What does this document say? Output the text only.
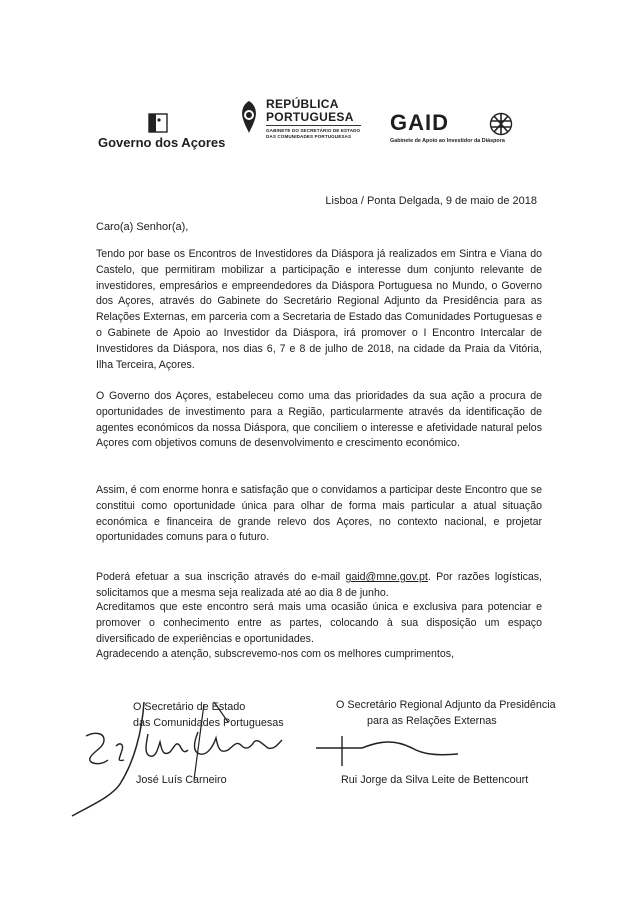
Governo dos Açores
REPÚBLICA
PORTUGUESA
GABINETE DO SECRETÁRIO DE ESTADO
DAS COMUNIDADES PORTUGUESAS
GAID
Gabinete de Apoio ao Investidor da Diáspora
Lisboa / Ponta Delgada, 9 de maio de 2018
Caro(a) Senhor(a),

Tendo por base os Encontros de Investidores da Diáspora já realizados em Sintra e Viana do Castelo, que permitiram mobilizar a participação e interesse dum conjunto relevante de investidores, empresários e empreendedores da Diáspora Portuguesa no Mundo, o Governo dos Açores, através do Gabinete do Secretário Regional Adjunto da Presidência para as Relações Externas, em parceria com a Secretaria de Estado das Comunidades Portuguesas e o Gabinete de Apoio ao Investidor da Diáspora, irá promover o I Encontro Intercalar de Investidores da Diáspora, nos dias 6, 7 e 8 de julho de 2018, na cidade da Praia da Vitória, Ilha Terceira, Açores.

O Governo dos Açores, estabeleceu como uma das prioridades da sua ação a procura de oportunidades de investimento para a Região, particularmente através da identificação de agentes económicos da nossa Diáspora, que conciliem o interesse e afetividade natural pelos Açores com objetivos comuns de desenvolvimento e crescimento económico.

Assim, é com enorme honra e satisfação que o convidamos a participar deste Encontro que se constitui como oportunidade única para olhar de forma mais particular a atual situação económica e financeira de grande relevo dos Açores, no contexto nacional, e projetar oportunidades comuns para o futuro.

Poderá efetuar a sua inscrição através do e-mail gaid@mne.gov.pt. Por razões logísticas, solicitamos que a mesma seja realizada até ao dia 8 de junho.

Acreditamos que este encontro será mais uma ocasião única e exclusiva para potenciar e promover o conhecimento entre as partes, colocando à sua disposição um espaço diversificado de experiências e oportunidades.

Agradecendo a atenção, subscrevemo-nos com os melhores cumprimentos,

O Secretário de Estado
das Comunidades Portuguesas
José Luís Carneiro
O Secretário Regional Adjunto da Presidência
para as Relações Externas
Rui Jorge da Silva Leite de Bettencourt
